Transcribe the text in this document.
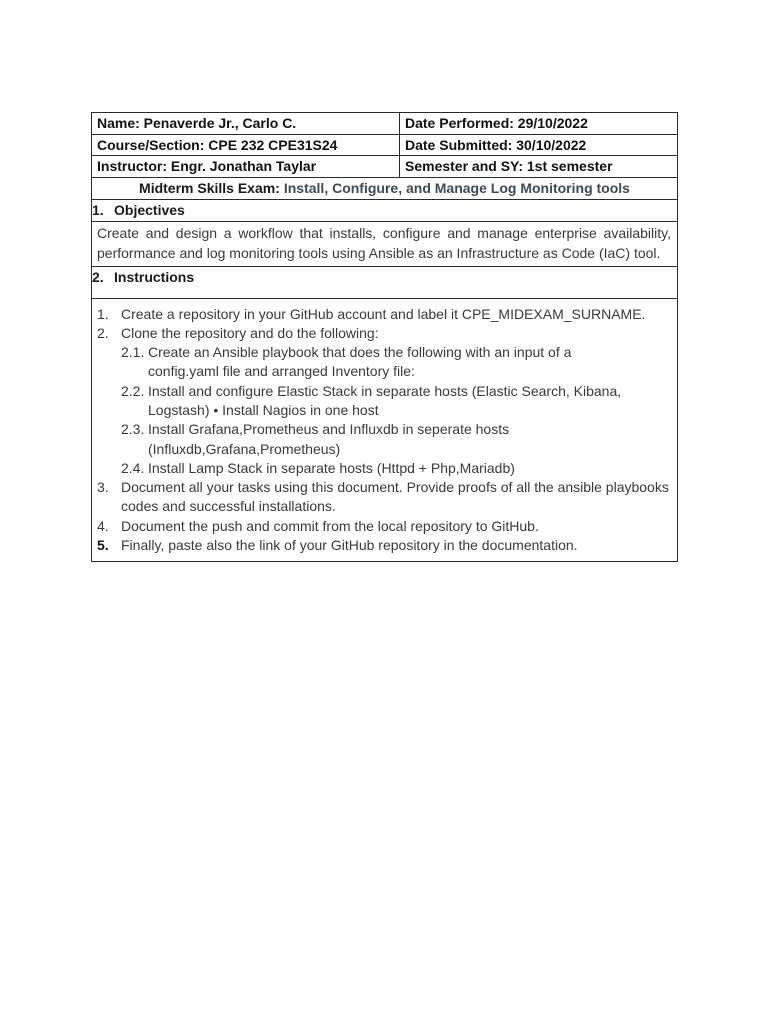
Name: Penaverde Jr., Carlo C.	Date Performed: 29/10/2022
Course/Section: CPE 232 CPE31S24	Date Submitted: 30/10/2022
Instructor: Engr. Jonathan Taylar	Semester and SY: 1st semester
Midterm Skills Exam: Install, Configure, and Manage Log Monitoring tools
1. Objectives
Create and design a workflow that installs, configure and manage enterprise availability, performance and log monitoring tools using Ansible as an Infrastructure as Code (IaC) tool.
2. Instructions
1. Create a repository in your GitHub account and label it CPE_MIDEXAM_SURNAME.
2. Clone the repository and do the following:
2.1. Create an Ansible playbook that does the following with an input of a config.yaml file and arranged Inventory file:
2.2. Install and configure Elastic Stack in separate hosts (Elastic Search, Kibana, Logstash) • Install Nagios in one host
2.3. Install Grafana,Prometheus and Influxdb in seperate hosts (Influxdb,Grafana,Prometheus)
2.4. Install Lamp Stack in separate hosts (Httpd + Php,Mariadb)
3. Document all your tasks using this document. Provide proofs of all the ansible playbooks codes and successful installations.
4. Document the push and commit from the local repository to GitHub.
5. Finally, paste also the link of your GitHub repository in the documentation.
